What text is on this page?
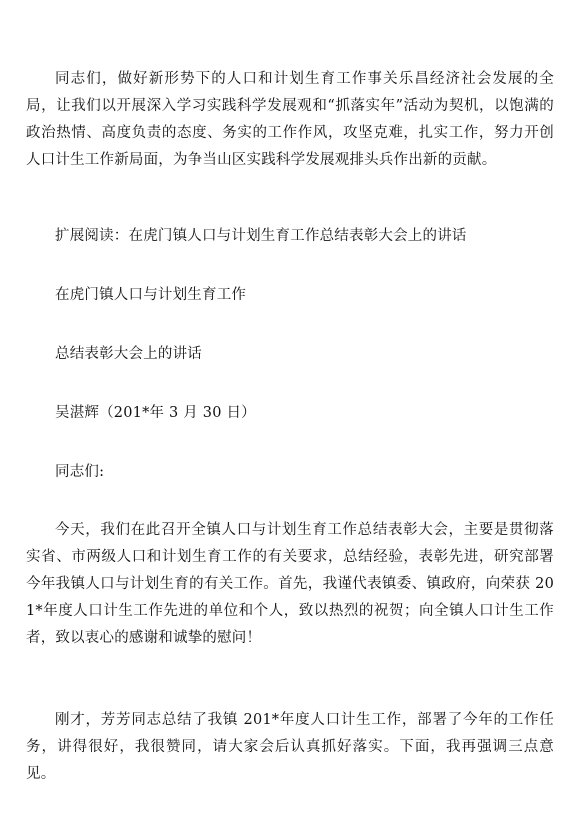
同志们，做好新形势下的人口和计划生育工作事关乐昌经济社会发展的全局，让我们以开展深入学习实践科学发展观和“抓落实年”活动为契机，以饱满的政治热情、高度负责的态度、务实的工作作风，攻坚克难，扎实工作，努力开创人口计生工作新局面，为争当山区实践科学发展观排头兵作出新的贡献。

扩展阅读：在虎门镇人口与计划生育工作总结表彰大会上的讲话

在虎门镇人口与计划生育工作

总结表彰大会上的讲话

吴湛辉（201*年 3 月 30 日）

同志们:

今天，我们在此召开全镇人口与计划生育工作总结表彰大会，主要是贯彻落实省、市两级人口和计划生育工作的有关要求，总结经验，表彰先进，研究部署今年我镇人口与计划生育的有关工作。首先，我谨代表镇委、镇政府，向荣获 201*年度人口计生工作先进的单位和个人，致以热烈的祝贺；向全镇人口计生工作者，致以衷心的感谢和诚挚的慰问！

刚才，芳芳同志总结了我镇 201*年度人口计生工作，部署了今年的工作任务，讲得很好，我很赞同，请大家会后认真抓好落实。下面，我再强调三点意见。
